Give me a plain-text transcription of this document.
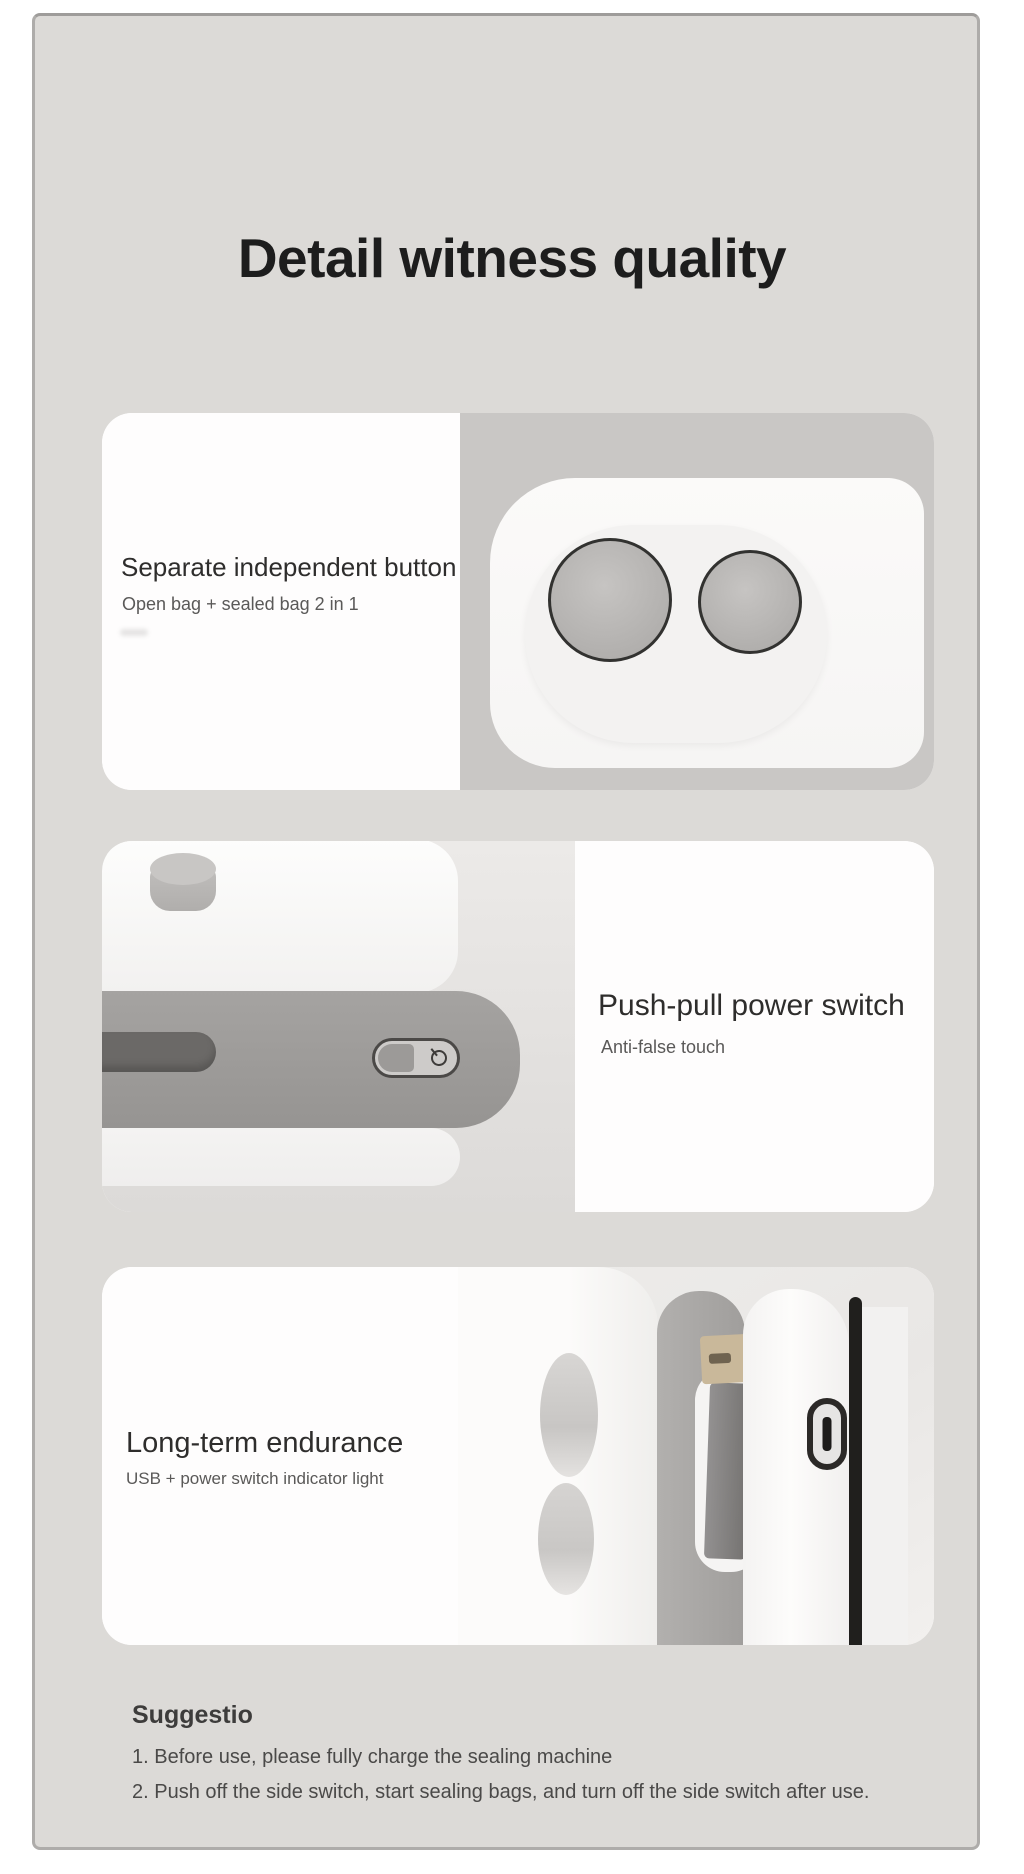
Detail witness quality
Separate independent button
Open bag + sealed bag 2 in 1
Push-pull power switch
Anti-false touch
Long-term endurance
USB + power switch indicator light
Suggestio
1. Before use, please fully charge the sealing machine
2. Push off the side switch, start sealing bags, and turn off the side switch after use.
